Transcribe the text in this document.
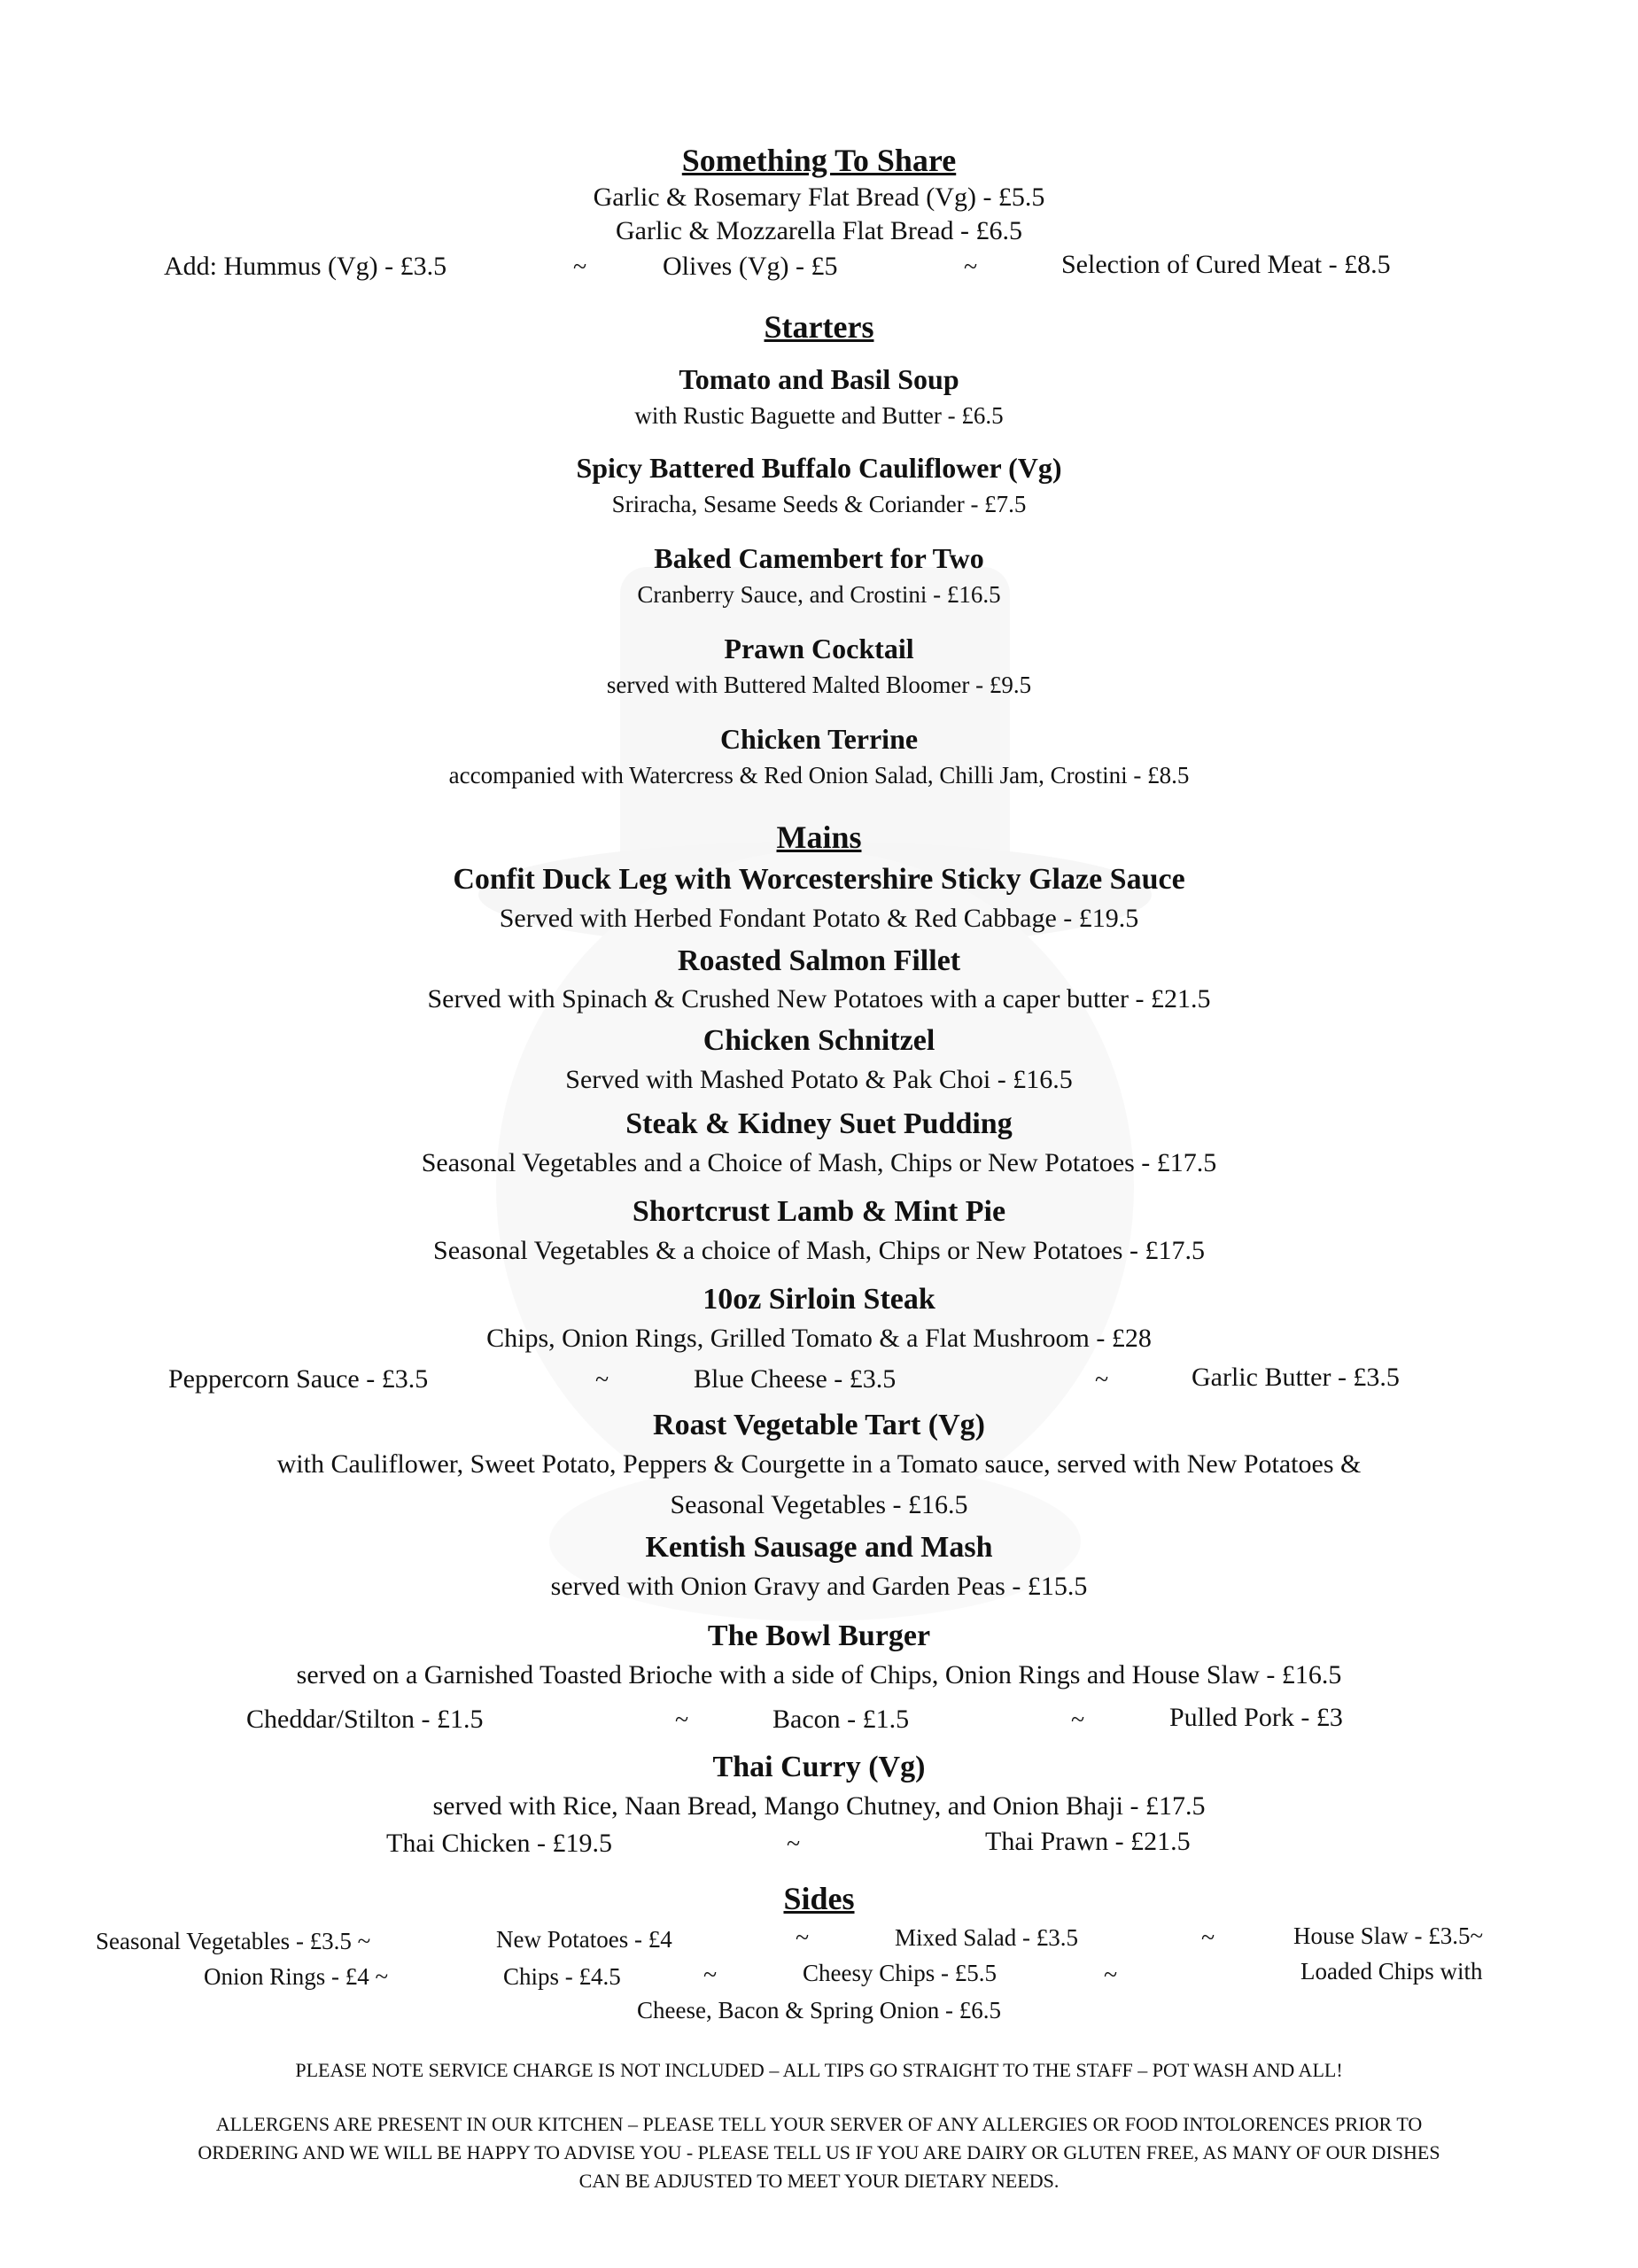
Something To Share
Garlic & Rosemary Flat Bread (Vg) - £5.5
Garlic & Mozzarella Flat Bread - £6.5
Add: Hummus (Vg) - £3.5	~	Olives (Vg) - £5	~	Selection of Cured Meat - £8.5
Starters
Tomato and Basil Soup
with Rustic Baguette and Butter - £6.5
Spicy Battered Buffalo Cauliflower (Vg)
Sriracha, Sesame Seeds & Coriander - £7.5
Baked Camembert for Two
Cranberry Sauce, and Crostini - £16.5
Prawn Cocktail
served with Buttered Malted Bloomer - £9.5
Chicken Terrine
accompanied with Watercress & Red Onion Salad, Chilli Jam, Crostini - £8.5
Mains
Confit Duck Leg with Worcestershire Sticky Glaze Sauce
Served with Herbed Fondant Potato & Red Cabbage - £19.5
Roasted Salmon Fillet
Served with Spinach & Crushed New Potatoes with a caper butter - £21.5
Chicken Schnitzel
Served with Mashed Potato & Pak Choi - £16.5
Steak & Kidney Suet Pudding
Seasonal Vegetables and a Choice of Mash, Chips or New Potatoes - £17.5
Shortcrust Lamb & Mint Pie
Seasonal Vegetables & a choice of Mash, Chips or New Potatoes - £17.5
10oz Sirloin Steak
Chips, Onion Rings, Grilled Tomato & a Flat Mushroom - £28
Peppercorn Sauce - £3.5	~	Blue Cheese - £3.5	~	Garlic Butter - £3.5
Roast Vegetable Tart (Vg)
with Cauliflower, Sweet Potato, Peppers & Courgette in a Tomato sauce, served with New Potatoes &
Seasonal Vegetables - £16.5
Kentish Sausage and Mash
served with Onion Gravy and Garden Peas - £15.5
The Bowl Burger
served on a Garnished Toasted Brioche with a side of Chips, Onion Rings and House Slaw - £16.5
Cheddar/Stilton - £1.5	~	Bacon - £1.5	~	Pulled Pork - £3
Thai Curry (Vg)
served with Rice, Naan Bread, Mango Chutney, and Onion Bhaji - £17.5
Thai Chicken - £19.5	~	Thai Prawn - £21.5
Sides
Seasonal Vegetables - £3.5 ~	New Potatoes - £4	~	Mixed Salad - £3.5	~	House Slaw - £3.5~
Onion Rings - £4 ~	Chips - £4.5	~	Cheesy Chips - £5.5	~	Loaded Chips with
Cheese, Bacon & Spring Onion - £6.5
PLEASE NOTE SERVICE CHARGE IS NOT INCLUDED – ALL TIPS GO STRAIGHT TO THE STAFF – POT WASH AND ALL!
ALLERGENS ARE PRESENT IN OUR KITCHEN – PLEASE TELL YOUR SERVER OF ANY ALLERGIES OR FOOD INTOLORENCES PRIOR TO
ORDERING AND WE WILL BE HAPPY TO ADVISE YOU - PLEASE TELL US IF YOU ARE DAIRY OR GLUTEN FREE, AS MANY OF OUR DISHES
CAN BE ADJUSTED TO MEET YOUR DIETARY NEEDS.
